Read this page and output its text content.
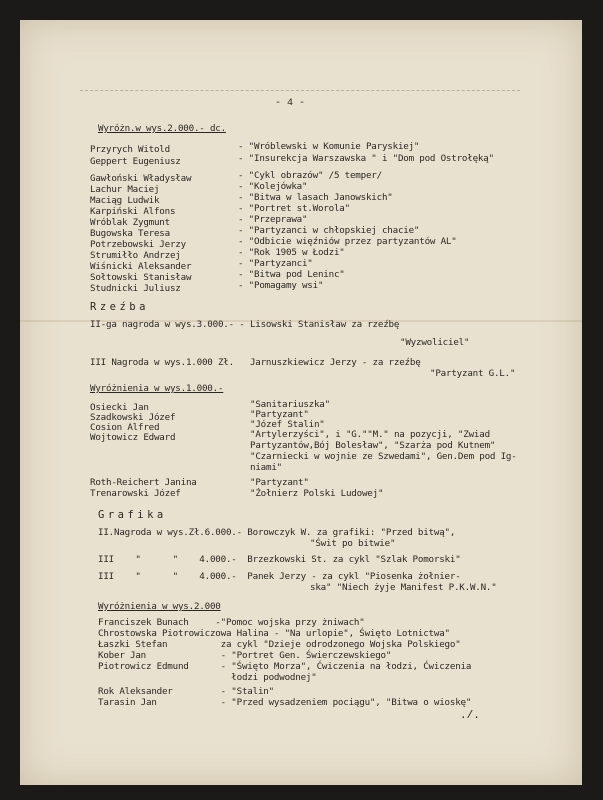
- 4 -
Wyróżn.w wys.2.000.- dc.
Przyrych Witold	- "Wróblewski w Komunie Paryskiej"
Geppert Eugeniusz	- "Insurekcja Warszawska " i "Dom pod Ostrołęką"
Gawłoński Władysław	- "Cykl obrazów" /5 temper/
Lachur Maciej	- "Kolejówka"
Maciąg Ludwik	- "Bitwa w lasach Janowskich"
Karpiński Alfons	- "Portret st.Worola"
Wróblak Zygmunt	- "Przeprawa"
Bugowska Teresa	- "Partyzanci w chłopskiej chacie"
Potrzebowski Jerzy	- "Odbicie więźniów przez partyzantów AL"
Strumiłło Andrzej	- "Rok 1905 w Łodzi"
Wiśnicki Aleksander	- "Partyzanci"
Sołtowski Stanisław	- "Bitwa pod Leninc"
Studnicki Juliusz	- "Pomagamy wsi"
Rzeźba
II-ga nagroda w wys.3.000.- - Lisowski Stanisław za rzeźbę
"Wyzwoliciel"
III Nagroda w wys.1.000 Zł.   Jarnuszkiewicz Jerzy - za rzeźbę
"Partyzant G.L."
Wyróżnienia w wys.1.000.-
Osiecki Jan	"Sanitariuszka"
Szadkowski Józef	"Partyzant"
Cosion Alfred	"Józef Stalin"
Wojtowicz Edward	"Artylerzyści", i "G.""M." na pozycji, "Zwiad
Partyzantów,Bój Bolesław", "Szarża pod Kutnem"
"Czarniecki w wojnie ze Szwedami", Gen.Dem pod Ig-
niami"
Roth-Reichert Janina	"Partyzant"
Trenarowski Józef	"Żołnierz Polski Ludowej"
Grafika
II.Nagroda w wys.Zł.6.000.- Borowczyk W. za grafiki: "Przed bitwą",
"Świt po bitwie"
III    "      "    4.000.-  Brzezkowski St. za cykl "Szlak Pomorski"
III    "      "    4.000.-  Panek Jerzy - za cykl "Piosenka żołnier-
ska" "Niech żyje Manifest P.K.W.N."
Wyróżnienia w wys.2.000
Franciszek Bunach     -"Pomoc wojska przy żniwach"
Chrostowska Piotrowiczowa Halina - "Na urlopie", Święto Lotnictwa"
Łaszki Stefan          za cykl "Dzieje odrodzonego Wojska Polskiego"
Kober Jan              - "Portret Gen. Świerczewskiego"
Piotrowicz Edmund      - "Święto Morza", Ćwiczenia na łodzi, Ćwiczenia
łodzi podwodnej"
Rok Aleksander         - "Stalin"
Tarasin Jan            - "Przed wysadzeniem pociągu", "Bitwa o wioskę"
./.
